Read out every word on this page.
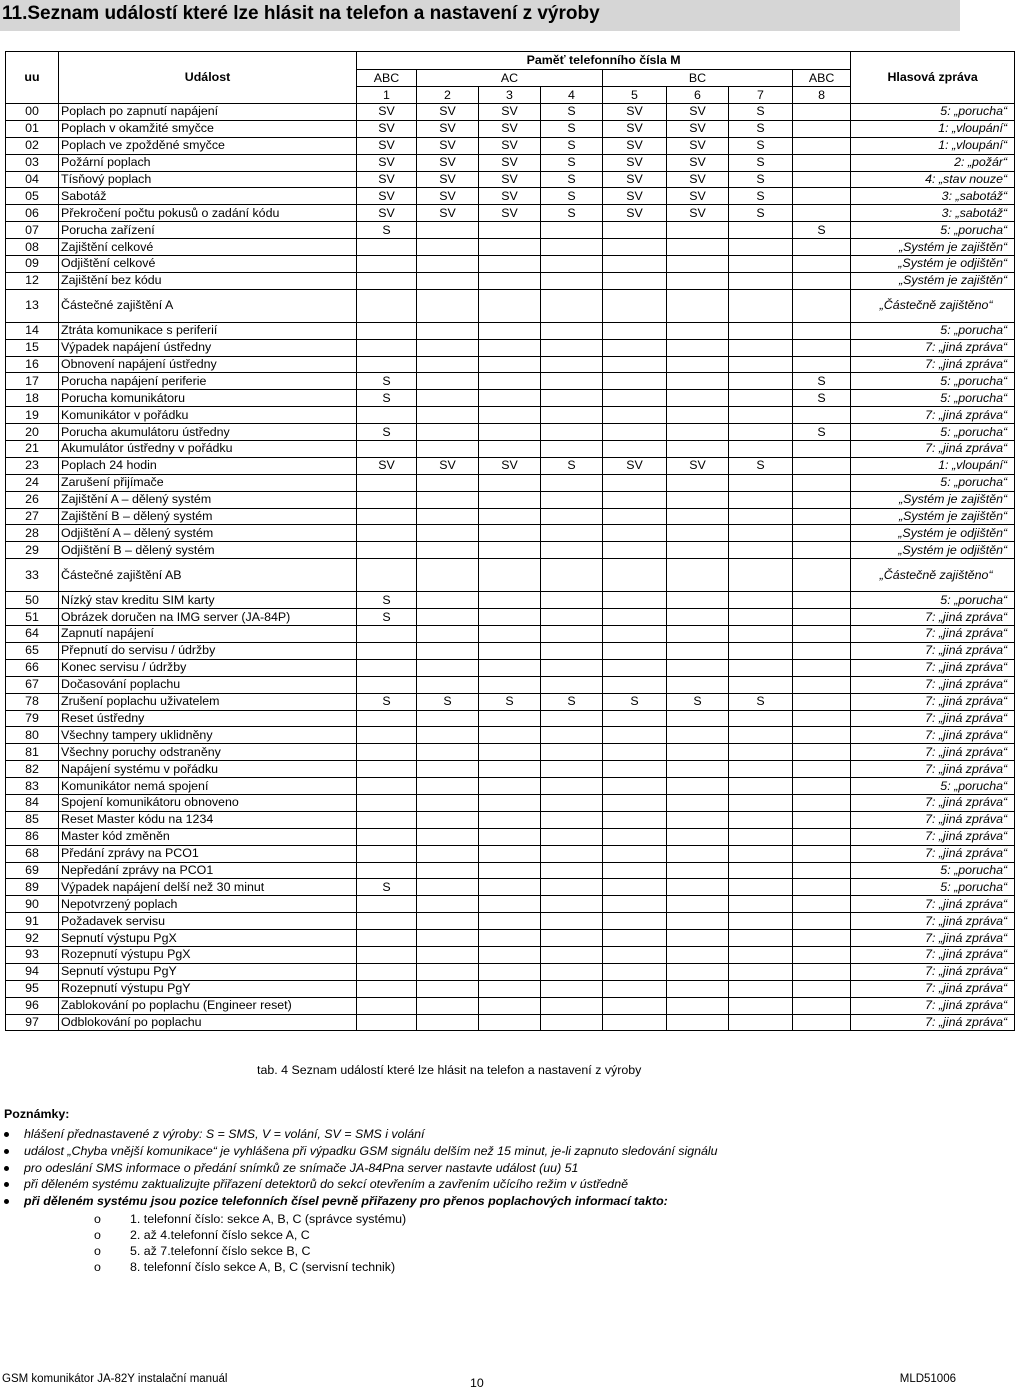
11.Seznam událostí které lze hlásit na telefon a nastavení z výroby
uu	Událost	Paměť telefonního čísla M								Hlasová zpráva
		ABC	AC			BC			ABC	
		1	2	3	4	5	6	7	8	
00	Poplach po zapnutí napájení	SV	SV	SV	S	SV	SV	S		5: „porucha“
01	Poplach v okamžité smyčce	SV	SV	SV	S	SV	SV	S		1: „vloupání“
02	Poplach ve zpožděné smyčce	SV	SV	SV	S	SV	SV	S		1: „vloupání“
03	Požární poplach	SV	SV	SV	S	SV	SV	S		2: „požár“
04	Tísňový poplach	SV	SV	SV	S	SV	SV	S		4: „stav nouze“
05	Sabotáž	SV	SV	SV	S	SV	SV	S		3: „sabotáž“
06	Překročení počtu pokusů o zadání kódu	SV	SV	SV	S	SV	SV	S		3: „sabotáž“
07	Porucha zařízení	S							S	5: „porucha“
08	Zajištění celkové									„Systém je zajištěn“
09	Odjištění celkové									„Systém je odjištěn“
12	Zajištění bez kódu									„Systém je zajištěn“
13	Částečné zajištění A									„Částečně zajištěno“
14	Ztráta komunikace s periferií									5: „porucha“
15	Výpadek napájení ústředny									7: „jiná zpráva“
16	Obnovení napájení ústředny									7: „jiná zpráva“
17	Porucha napájení periferie	S							S	5: „porucha“
18	Porucha komunikátoru	S							S	5: „porucha“
19	Komunikátor v pořádku									7: „jiná zpráva“
20	Porucha akumulátoru ústředny	S							S	5: „porucha“
21	Akumulátor ústředny v pořádku									7: „jiná zpráva“
23	Poplach 24 hodin	SV	SV	SV	S	SV	SV	S		1: „vloupání“
24	Zarušení přijímače									5: „porucha“
26	Zajištění A – dělený systém									„Systém je zajištěn“
27	Zajištění B – dělený systém									„Systém je zajištěn“
28	Odjištění A – dělený systém									„Systém je odjištěn“
29	Odjištění B – dělený systém									„Systém je odjištěn“
33	Částečné zajištění AB									„Částečně zajištěno“
50	Nízký stav kreditu SIM karty	S								5: „porucha“
51	Obrázek doručen na IMG server (JA-84P)	S								7: „jiná zpráva“
64	Zapnutí napájení									7: „jiná zpráva“
65	Přepnutí do servisu / údržby									7: „jiná zpráva“
66	Konec servisu / údržby									7: „jiná zpráva“
67	Dočasování poplachu									7: „jiná zpráva“
78	Zrušení poplachu uživatelem	S	S	S	S	S	S	S		7: „jiná zpráva“
79	Reset ústředny									7: „jiná zpráva“
80	Všechny tampery uklidněny									7: „jiná zpráva“
81	Všechny poruchy odstraněny									7: „jiná zpráva“
82	Napájení systému v pořádku									7: „jiná zpráva“
83	Komunikátor nemá spojení									5: „porucha“
84	Spojení komunikátoru obnoveno									7: „jiná zpráva“
85	Reset Master kódu na 1234									7: „jiná zpráva“
86	Master kód změněn									7: „jiná zpráva“
68	Předání zprávy na PCO1									7: „jiná zpráva“
69	Nepředání zprávy na PCO1									5: „porucha“
89	Výpadek napájení delší než 30 minut	S								5: „porucha“
90	Nepotvrzený poplach									7: „jiná zpráva“
91	Požadavek servisu									7: „jiná zpráva“
92	Sepnutí výstupu PgX									7: „jiná zpráva“
93	Rozepnutí výstupu PgX									7: „jiná zpráva“
94	Sepnutí výstupu PgY									7: „jiná zpráva“
95	Rozepnutí výstupu PgY									7: „jiná zpráva“
96	Zablokování po poplachu (Engineer reset)									7: „jiná zpráva“
97	Odblokování po poplachu									7: „jiná zpráva“
tab. 4 Seznam událostí které lze hlásit na telefon a nastavení z výroby
Poznámky:
hlášení přednastavené z výroby: S = SMS, V = volání, SV = SMS i volání
událost „Chyba vnější komunikace“ je vyhlášena při výpadku GSM signálu delším než 15 minut, je-li zapnuto sledování signálu
pro odeslání SMS informace o předání snímků ze snímače JA-84Pna server nastavte událost (uu) 51
při děleném systému zaktualizujte přiřazení detektorů do sekcí otevřením a zavřením učícího režim v ústředně
při děleném systému jsou pozice telefonních čísel pevně přiřazeny pro přenos poplachových informací takto:
o 1. telefonní číslo: sekce A, B, C (správce systému)
o 2. až 4.telefonní číslo sekce A, C
o 5. až 7.telefonní číslo sekce B, C
o 8. telefonní číslo sekce A, B, C (servisní technik)
GSM komunikátor JA-82Y instalační manuál	10	MLD51006
